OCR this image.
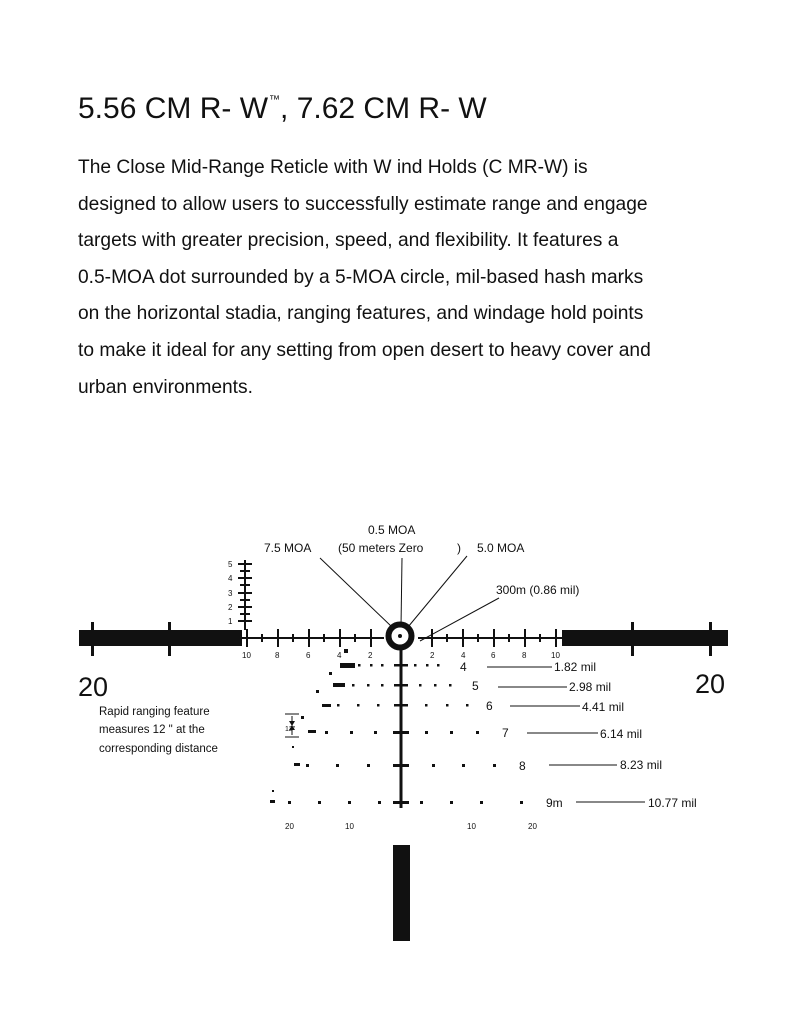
5.56 CM R- W™, 7.62 CM R- W
The Close Mid-Range Reticle with W ind Holds (C MR-W) is
designed to allow users to successfully estimate range and engage
targets with greater precision, speed, and flexibility. It features a
0.5-MOA dot surrounded by a 5-MOA circle, mil-based hash marks
on the horizontal stadia, ranging features, and windage hold points
to make it ideal for any setting from open desert to heavy cover and
urban environments.
5
4
3
2
1
10	8	6	4	2	2	4	6	8	10
20	20
0.5 MOA
(50 meters Zero	)
7.5 MOA	5.0 MOA
300m (0.86 mil)
4
5
6
7
8
9m
1.82 mil
2.98 mil
4.41 mil
6.14 mil
8.23 mil
10.77 mil
Rapid ranging feature
measures 12 " at the
corresponding distance
12"
20	10	10	20
